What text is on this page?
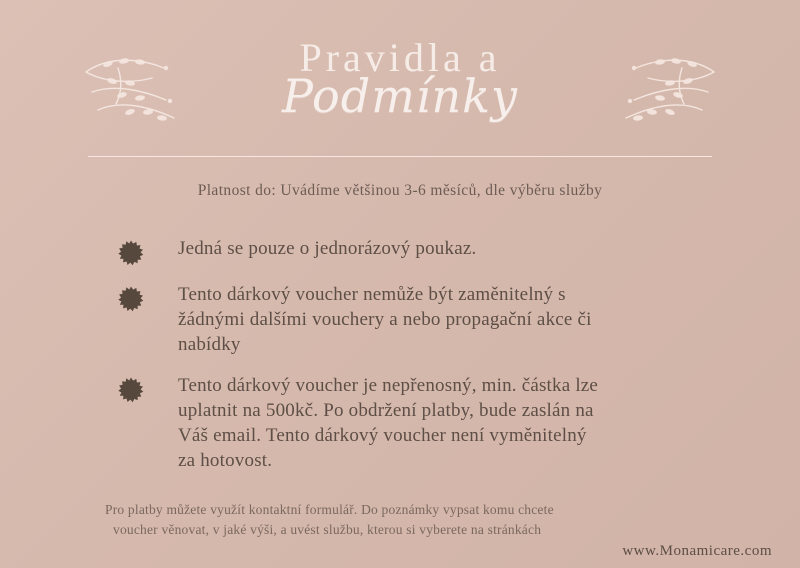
Pravidla a
Podmínky
Platnost do: Uvádíme většinou 3-6 měsíců, dle výběru služby
Jedná se pouze o jednorázový poukaz.
Tento dárkový voucher nemůže být zaměnitelný s žádnými dalšími vouchery a nebo propagační akce či nabídky
Tento dárkový voucher je nepřenosný, min. částka lze uplatnit na 500kč. Po obdržení platby, bude zaslán na Váš email. Tento dárkový voucher není vyměnitelný za hotovost.
Pro platby můžete využít kontaktní formulář. Do poznámky vypsat komu chcete
voucher věnovat, v jaké výši, a uvést službu, kterou si vyberete na stránkách
www.Monamicare.com
